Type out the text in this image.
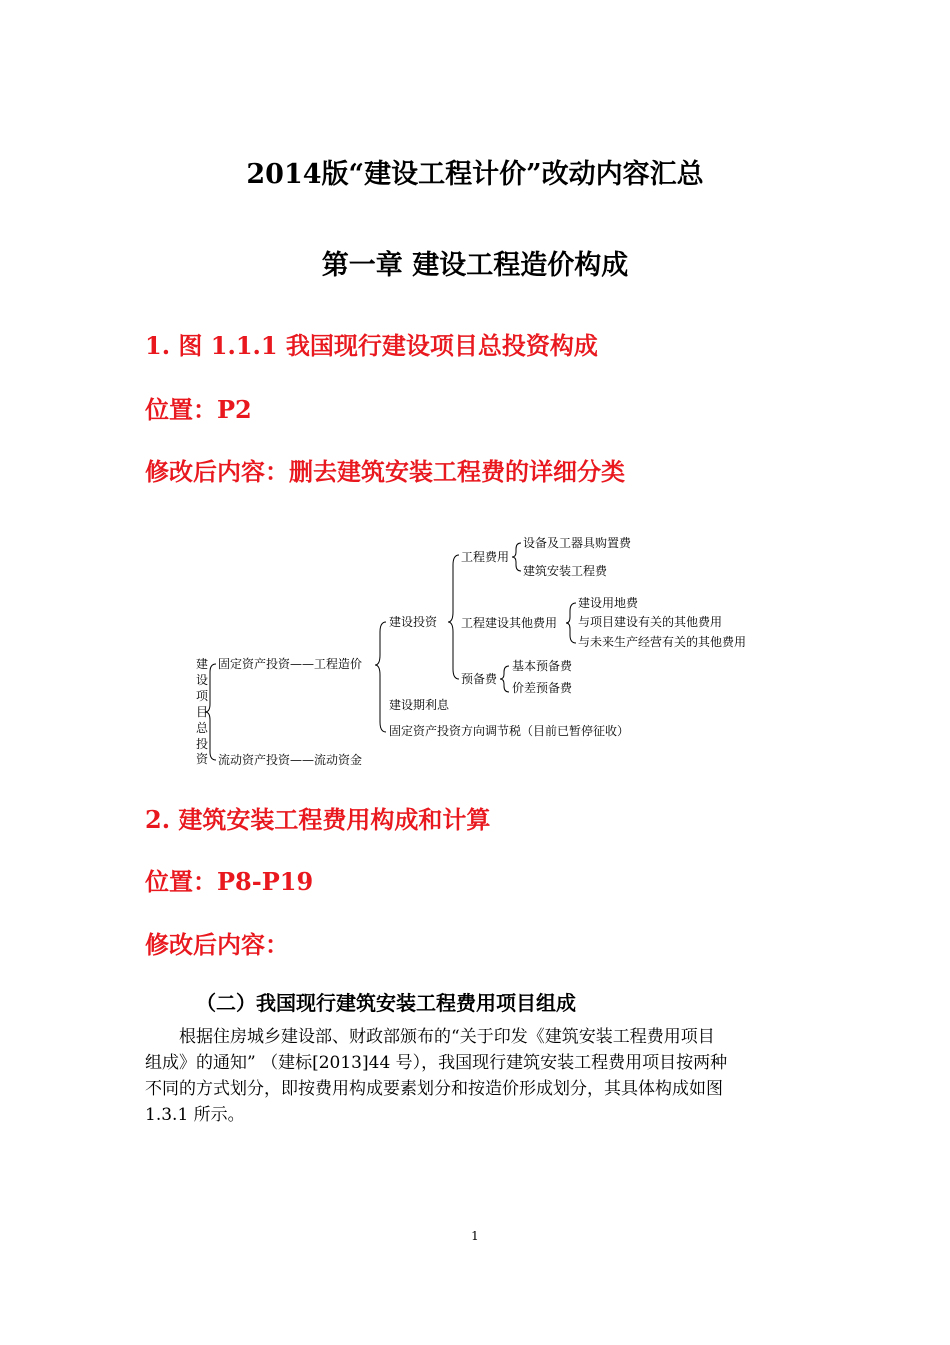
2014版“建设工程计价”改动内容汇总
第一章 建设工程造价构成
1. 图 1.1.1 我国现行建设项目总投资构成
位置：P2
修改后内容：删去建筑安装工程费的详细分类
建
设
项
目
总
投
资
固定资产投资——工程造价
流动资产投资——流动资金
建设投资
建设期利息
固定资产投资方向调节税（目前已暂停征收）
工程费用
工程建设其他费用
预备费
设备及工器具购置费
建筑安装工程费
建设用地费
与项目建设有关的其他费用
与未来生产经营有关的其他费用
基本预备费
价差预备费
2. 建筑安装工程费用构成和计算
位置：P8-P19
修改后内容：
（二）我国现行建筑安装工程费用项目组成
根据住房城乡建设部、财政部颁布的“关于印发《建筑安装工程费用项目
组成》的通知” （建标[2013]44 号），我国现行建筑安装工程费用项目按两种
不同的方式划分，即按费用构成要素划分和按造价形成划分，其具体构成如图
1.3.1 所示。
1
